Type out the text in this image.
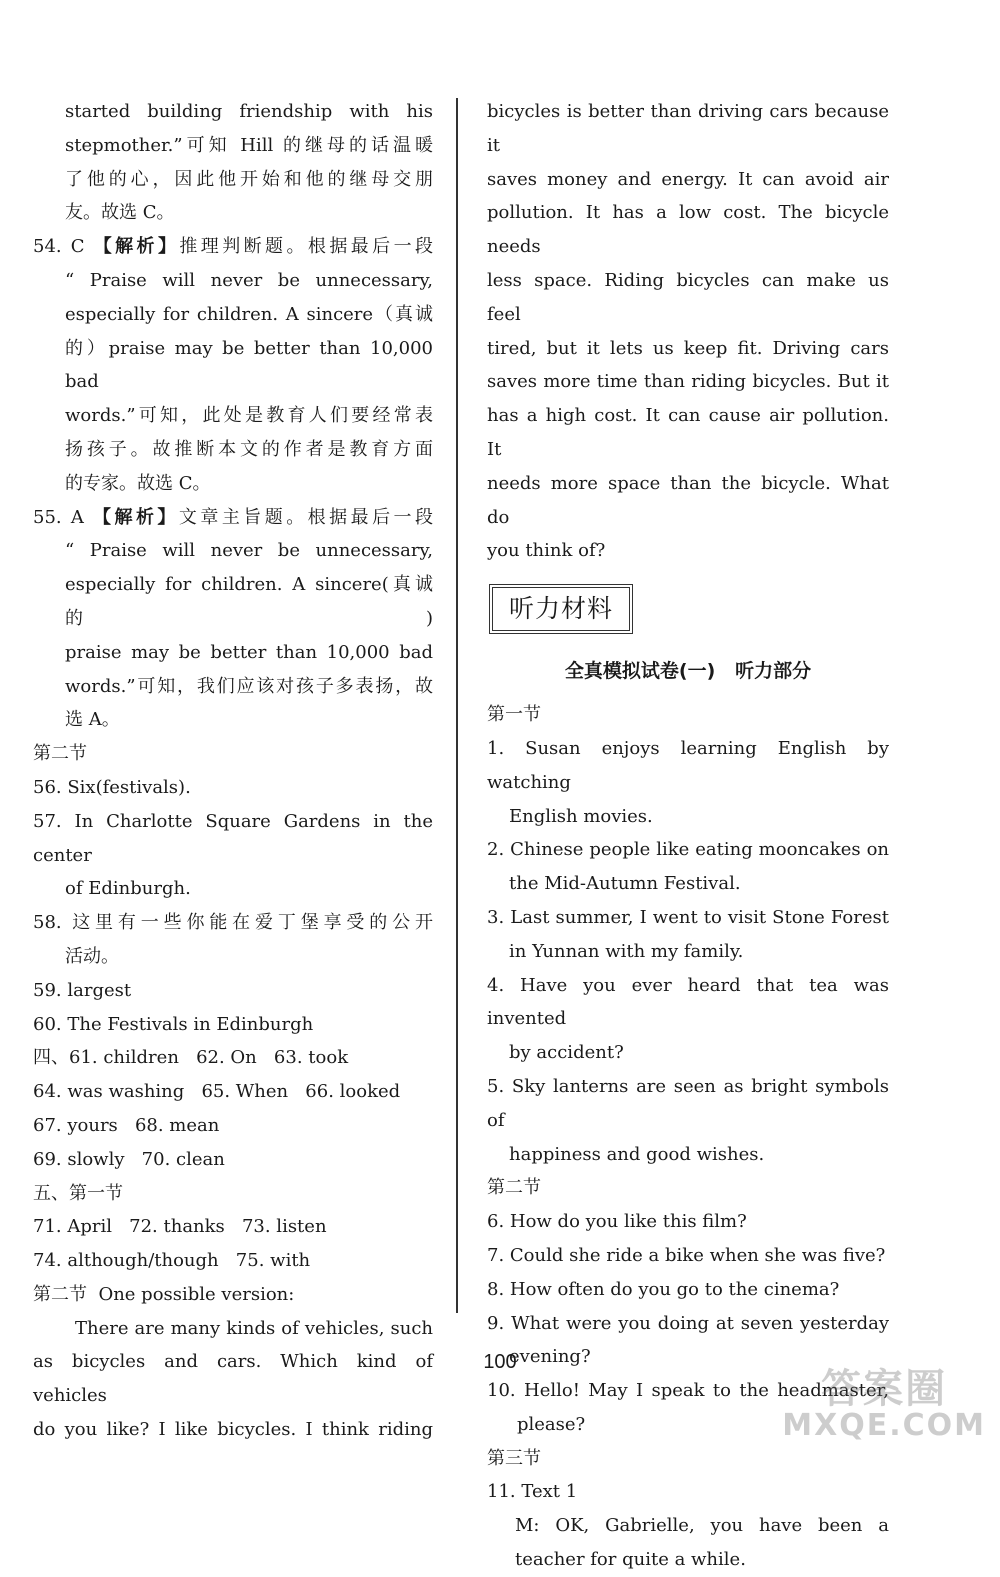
started building friendship with his

stepmother.”可知 Hill 的继母的话温暖

了他的心，因此他开始和他的继母交朋

友。故选 C。

54. C 【解析】推理判断题。根据最后一段

“ Praise will never be unnecessary,

especially for children. A sincere（真诚

的）praise may be better than 10,000 bad

words.”可知，此处是教育人们要经常表

扬孩子。故推断本文的作者是教育方面

的专家。故选 C。

55. A 【解析】文章主旨题。根据最后一段

“ Praise will never be unnecessary,

especially for children. A sincere(真诚的)

praise may be better than 10,000 bad

words.”可知，我们应该对孩子多表扬，故

选 A。

第二节

56. Six(festivals).

57. In Charlotte Square Gardens in the center

of Edinburgh.

58. 这里有一些你能在爱丁堡享受的公开

活动。

59. largest

60. The Festivals in Edinburgh

四、61. children   62. On   63. took

64. was washing   65. When   66. looked

67. yours   68. mean

69. slowly   70. clean

五、第一节

71. April   72. thanks   73. listen

74. although/though   75. with

第二节  One possible version:

There are many kinds of vehicles, such

as bicycles and cars. Which kind of vehicles

do you like? I like bicycles. I think riding

bicycles is better than driving cars because it

saves money and energy. It can avoid air

pollution. It has a low cost. The bicycle needs

less space. Riding bicycles can make us feel

tired, but it lets us keep fit. Driving cars

saves more time than riding bicycles. But it

has a high cost. It can cause air pollution. It

needs more space than the bicycle. What do

you think of?

听力材料
全真模拟试卷(一)   听力部分

第一节

1. Susan enjoys learning English by watching

English movies.

2. Chinese people like eating mooncakes on

the Mid-Autumn Festival.

3. Last summer, I went to visit Stone Forest

in Yunnan with my family.

4. Have you ever heard that tea was invented

by accident?

5. Sky lanterns are seen as bright symbols of

happiness and good wishes.

第二节

6. How do you like this film?

7. Could she ride a bike when she was five?

8. How often do you go to the cinema?

9. What were you doing at seven yesterday

evening?

10. Hello! May I speak to the headmaster,

please?

第三节

11. Text 1

M: OK, Gabrielle, you have been a

teacher for quite a while.

100
答案圈
MXQE.COM
